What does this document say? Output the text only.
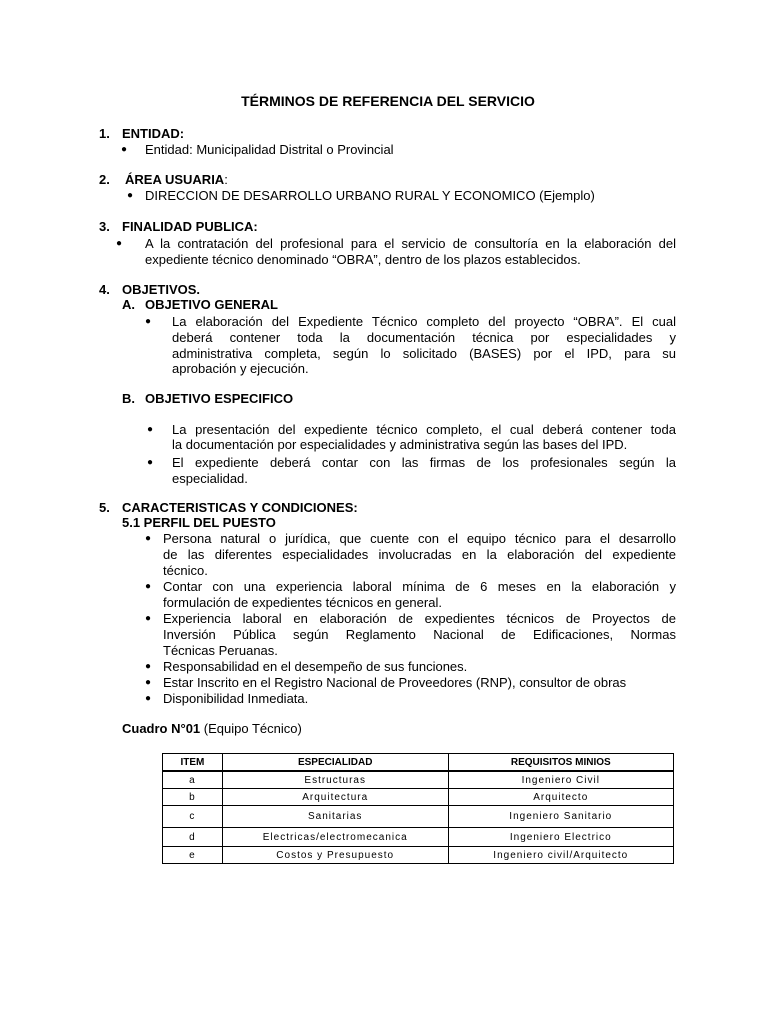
TÉRMINOS DE REFERENCIA DEL SERVICIO
1. ENTIDAD:
● Entidad: Municipalidad Distrital o Provincial
2. ÁREA USUARIA:
● DIRECCION DE DESARROLLO URBANO RURAL Y ECONOMICO (Ejemplo)
3. FINALIDAD PUBLICA:
● A la contratación del profesional para el servicio de consultoría en la elaboración del
expediente técnico denominado “OBRA”, dentro de los plazos establecidos.
4. OBJETIVOS.
A. OBJETIVO GENERAL
● La elaboración del Expediente Técnico completo del proyecto “OBRA”. El cual
deberá contener toda la documentación técnica por especialidades y
administrativa completa, según lo solicitado (BASES) por el IPD, para su
aprobación y ejecución.
B. OBJETIVO ESPECIFICO
● La presentación del expediente técnico completo, el cual deberá contener toda
la documentación por especialidades y administrativa según las bases del IPD.
● El expediente deberá contar con las firmas de los profesionales según la
especialidad.
5. CARACTERISTICAS Y CONDICIONES:
5.1 PERFIL DEL PUESTO
● Persona natural o jurídica, que cuente con el equipo técnico para el desarrollo
de las diferentes especialidades involucradas en la elaboración del expediente
técnico.
● Contar con una experiencia laboral mínima de 6 meses en la elaboración y
formulación de expedientes técnicos en general.
● Experiencia laboral en elaboración de expedientes técnicos de Proyectos de
Inversión Pública según Reglamento Nacional de Edificaciones, Normas
Técnicas Peruanas.
● Responsabilidad en el desempeño de sus funciones.
● Estar Inscrito en el Registro Nacional de Proveedores (RNP), consultor de obras
● Disponibilidad Inmediata.
Cuadro N°01 (Equipo Técnico)
ITEM	ESPECIALIDAD	REQUISITOS MINIOS
a	Estructuras	Ingeniero Civil
b	Arquitectura	Arquitecto
c	Sanitarias	Ingeniero Sanitario
d	Electricas/electromecanica	Ingeniero Electrico
e	Costos y Presupuesto	Ingeniero civil/Arquitecto
